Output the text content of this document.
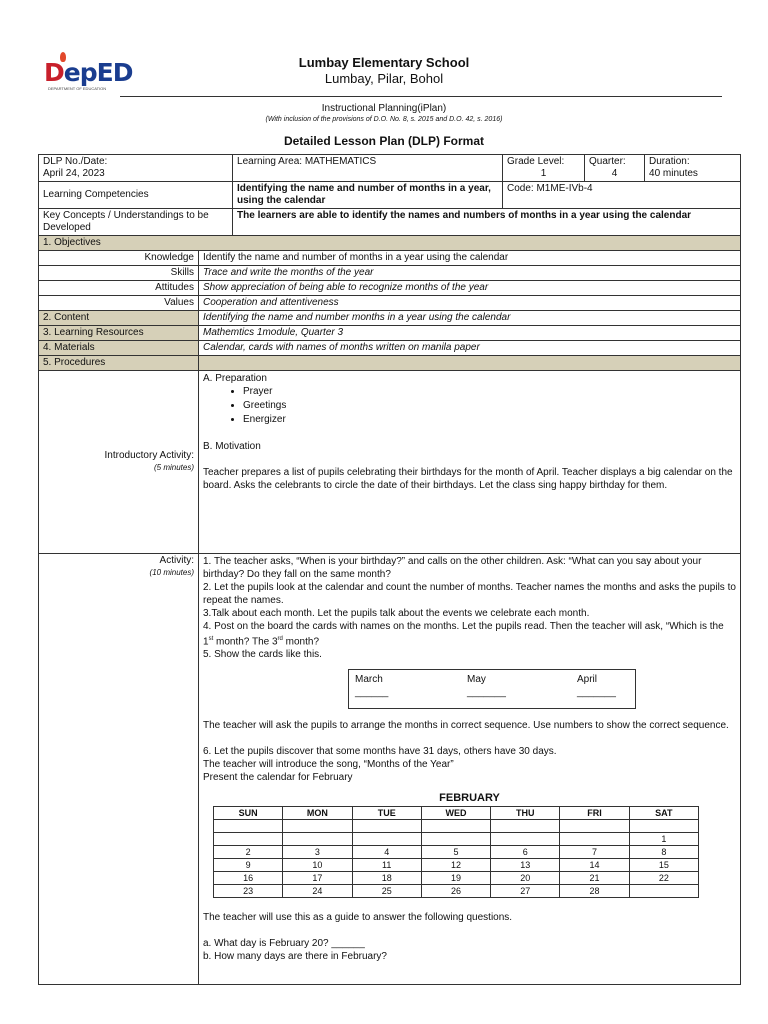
DepED
DEPARTMENT OF EDUCATION
Lumbay Elementary School
Lumbay, Pilar, Bohol
Instructional Planning(iPlan)
(With inclusion of the provisions of D.O. No. 8, s. 2015 and D.O. 42, s. 2016)
Detailed Lesson Plan (DLP) Format
DLP No./Date:
April 24, 2023
	Learning Area: MATHEMATICS	Grade Level:
1

Quarter:
4

Duration:
40 minutes

Learning Competencies	Identifying the name and number of months in a year, using the calendar	Code: M1ME-IVb-4
Key Concepts / Understandings to be Developed	The learners are able to identify the names and numbers of months in a year using the calendar
1. Objectives
Knowledge	Identify the name and number of months in a year using the calendar
Skills	Trace and write the months of the year
Attitudes	Show appreciation of being able to recognize months of the year
Values	Cooperation and attentiveness
2. Content	Identifying the name and number months in a year using the calendar
3. Learning Resources	Mathemtics 1module, Quarter 3
4. Materials	Calendar, cards with names of months written on manila paper
5. Procedures	

Introductory Activity:
(5 minutes)

A. Preparation

• Prayer
• Greetings
• Energizer

B. Motivation

Teacher prepares a list of pupils celebrating their birthdays for the month of April. Teacher displays a big calendar on the board. Asks the celebrants to circle the date of their birthdays. Let the class sing happy birthday for them.

Activity:
(10 minutes)

1. The teacher asks, “When is your birthday?” and calls on the other children. Ask: “What can you say about your birthday? Do they fall on the same month?

2. Let the pupils look at the calendar and count the number of months. Teacher names the months and asks the pupils to repeat the names.

3.Talk about each month. Let the pupils talk about the events we celebrate each month.

4. Post on the board the cards with names on the months. Let the pupils read. Then the teacher will ask, “Which is the 1st month? The 3rd month?

5. Show the cards like this.

March
______
May
_______
April
_______

The teacher will ask the pupils to arrange the months in correct sequence. Use numbers to show the correct sequence.

6. Let the pupils discover that some months have 31 days, others have 30 days.

The teacher will introduce the song, “Months of the Year”

Present the calendar for February

FEBRUARY
SUN	MON	TUE	WED	THU	FRI	SAT

						1
2	3	4	5	6	7	8
9	10	11	12	13	14	15
16	17	18	19	20	21	22
23	24	25	26	27	28	

The teacher will use this as a guide to answer the following questions.

a. What day is February 20? ______

b. How many days are there in February?
